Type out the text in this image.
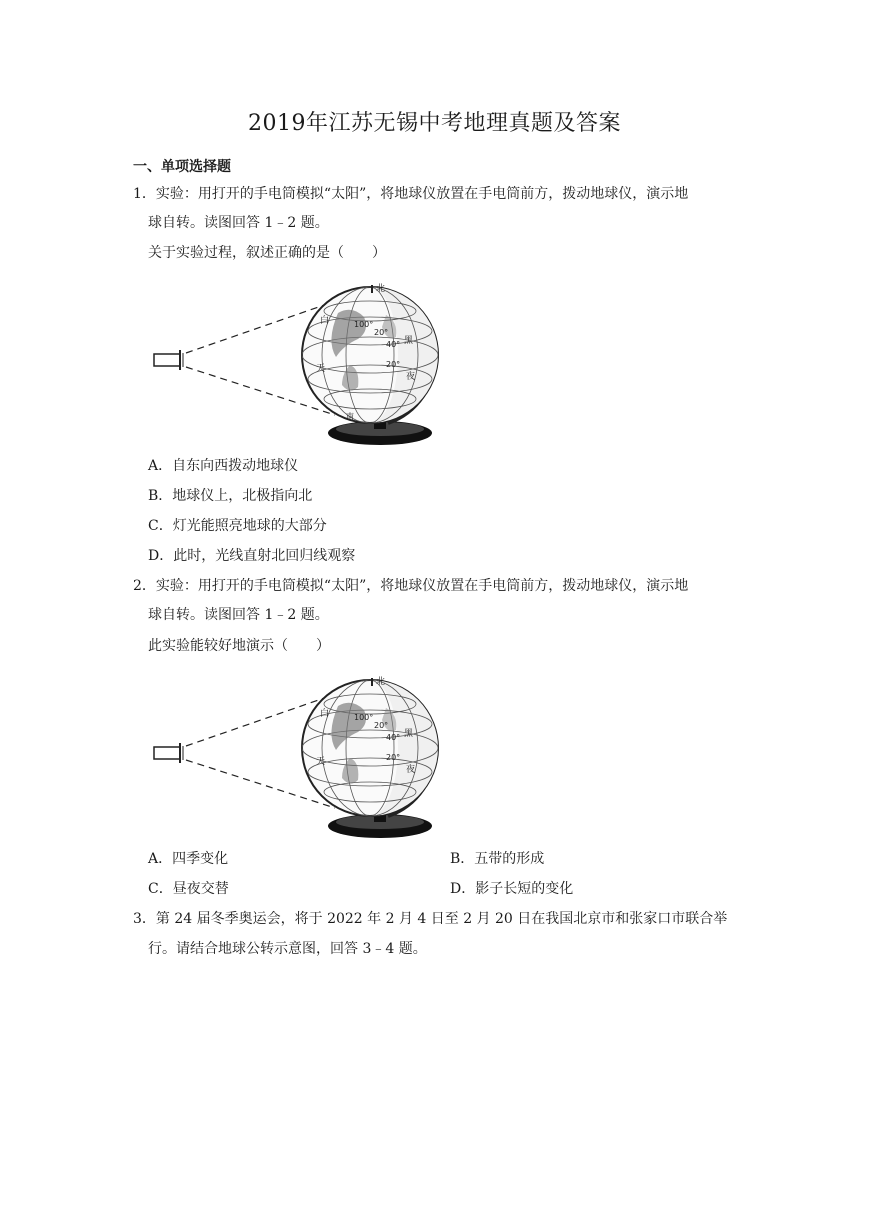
2019年江苏无锡中考地理真题及答案
一、单项选择题
1．实验：用打开的手电筒模拟“太阳”，将地球仪放置在手电筒前方，拨动地球仪，演示地
球自转。读图回答 1﹣2 题。
关于实验过程，叙述正确的是（　　）
北
白	100°
20°
40° 黑
20°
夜
天
南
A．自东向西拨动地球仪
B．地球仪上，北极指向北
C．灯光能照亮地球的大部分
D．此时，光线直射北回归线观察
2．实验：用打开的手电筒模拟“太阳”，将地球仪放置在手电筒前方，拨动地球仪，演示地
球自转。读图回答 1﹣2 题。
此实验能较好地演示（　　）
北
白	100°
20°
40° 黑
20°
夜
天
A．四季变化	B．五带的形成
C．昼夜交替	D．影子长短的变化
3．第 24 届冬季奥运会，将于 2022 年 2 月 4 日至 2 月 20 日在我国北京市和张家口市联合举
行。请结合地球公转示意图，回答 3﹣4 题。
